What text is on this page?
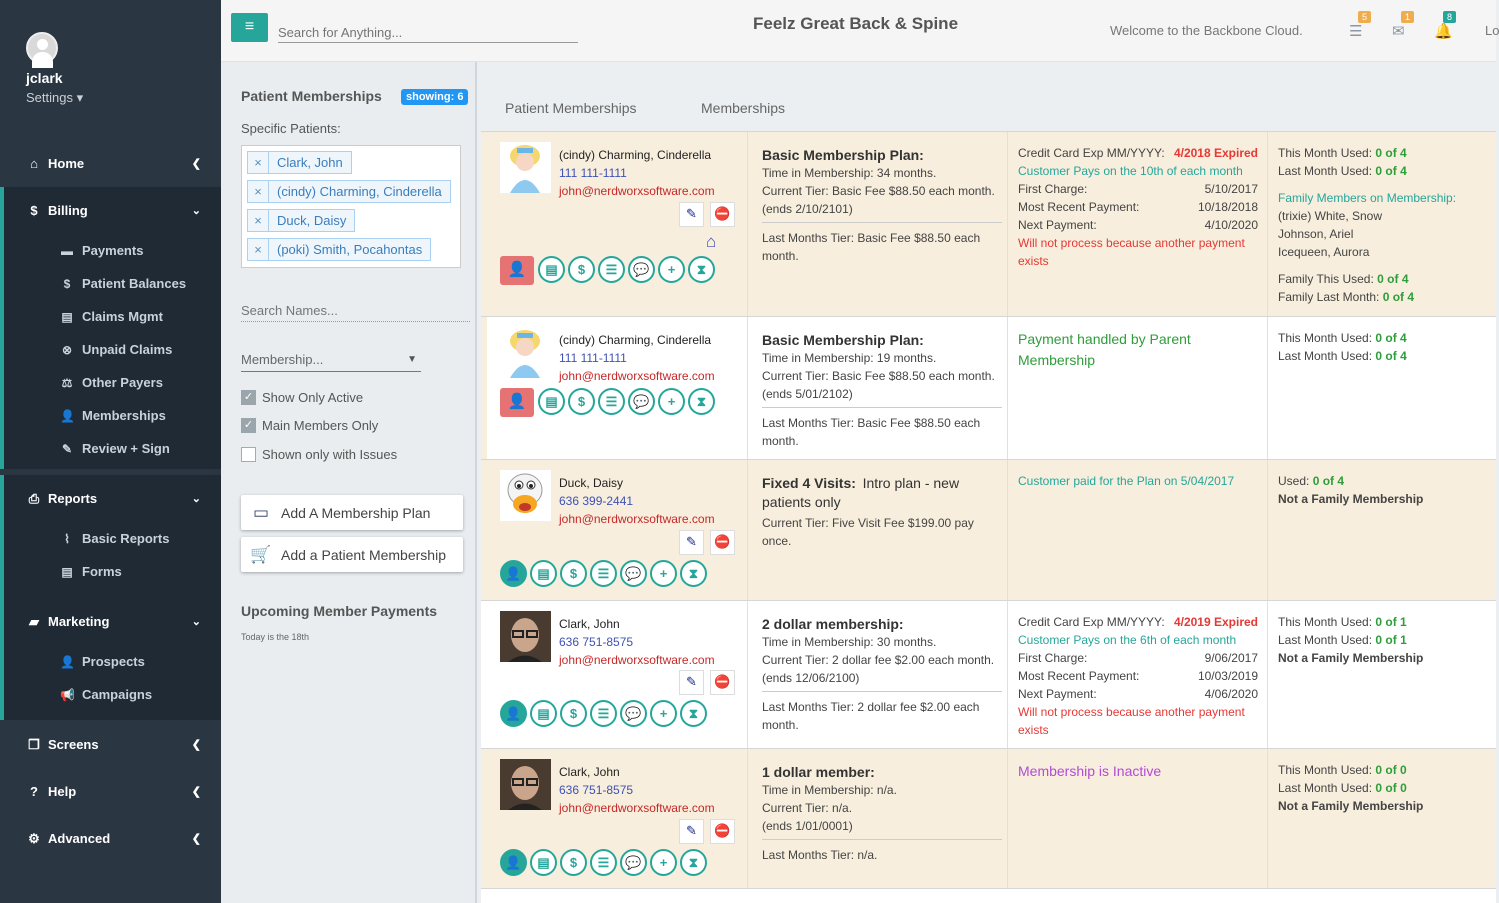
jclark
Settings ▾
⌂ Home	❮
$ Billing	⌄
▬ Payments
$ Patient Balances
▤ Claims Mgmt
⊗ Unpaid Claims
⚖ Other Payers
👤 Memberships
✎ Review + Sign
⎙ Reports	⌄
⌇ Basic Reports
▤ Forms
▰ Marketing	⌄
👤 Prospects
📢 Campaigns
❐ Screens	❮
? Help	❮
⚙ Advanced	❮
≡
Search for Anything...	Feelz Great Back & Spine	Welcome to the Backbone Cloud.	☰
5
✉
1
🔔
8
Lo
Patient Memberships	showing: 6
Specific Patients:
×	Clark, John
×	(cindy) Charming, Cinderella
×	Duck, Daisy
×	(poki) Smith, Pocahontas
Search Names...
Membership...	▼
✓ Show Only Active
✓ Main Members Only
Shown only with Issues
▭ Add A Membership Plan
🛒 Add a Patient Membership
Upcoming Member Payments
Today is the 18th
Patient Memberships	Memberships
(cindy) Charming, Cinderella
111 111-1111
john@nerdworxsoftware.com
✎	⛔
⌂
👤	▤	$	☰	💬	+	⧗
Basic Membership Plan:
Time in Membership: 34 months.
Current Tier: Basic Fee $88.50 each month.
(ends 2/10/2101)
Last Months Tier: Basic Fee $88.50 each month.
Credit Card Exp MM/YYYY: 4/2018 Expired
Customer Pays on the 10th of each month
First Charge:	5/10/2017
Most Recent Payment:	10/18/2018
Next Payment:	4/10/2020
Will not process because another payment exists
This Month Used: 0 of 4
Last Month Used: 0 of 4
Family Members on Membership:
(trixie) White, Snow
Johnson, Ariel
Icequeen, Aurora
Family This Used: 0 of 4
Family Last Month: 0 of 4
(cindy) Charming, Cinderella
111 111-1111
john@nerdworxsoftware.com
👤	▤	$	☰	💬	+	⧗
Basic Membership Plan:
Time in Membership: 19 months.
Current Tier: Basic Fee $88.50 each month.
(ends 5/01/2102)
Last Months Tier: Basic Fee $88.50 each month.
Payment handled by Parent Membership
This Month Used: 0 of 4
Last Month Used: 0 of 4
Duck, Daisy
636 399-2441
john@nerdworxsoftware.com
✎	⛔
👤	▤	$	☰	💬	+	⧗
Fixed 4 Visits: Intro plan - new patients only
Current Tier: Five Visit Fee $199.00 pay once.
Customer paid for the Plan on 5/04/2017	Used: 0 of 4
Not a Family Membership
Clark, John
636 751-8575
john@nerdworxsoftware.com
✎	⛔
👤	▤	$	☰	💬	+	⧗
2 dollar membership:
Time in Membership: 30 months.
Current Tier: 2 dollar fee $2.00 each month.
(ends 12/06/2100)
Last Months Tier: 2 dollar fee $2.00 each month.
Credit Card Exp MM/YYYY: 4/2019 Expired
Customer Pays on the 6th of each month
First Charge:	9/06/2017
Most Recent Payment:	10/03/2019
Next Payment:	4/06/2020
Will not process because another payment exists
This Month Used: 0 of 1
Last Month Used: 0 of 1
Not a Family Membership
Clark, John
636 751-8575
john@nerdworxsoftware.com
✎	⛔
👤	▤	$	☰	💬	+	⧗
1 dollar member:
Time in Membership: n/a.
Current Tier: n/a.
(ends 1/01/0001)
Last Months Tier: n/a.
Membership is Inactive	This Month Used: 0 of 0
Last Month Used: 0 of 0
Not a Family Membership
